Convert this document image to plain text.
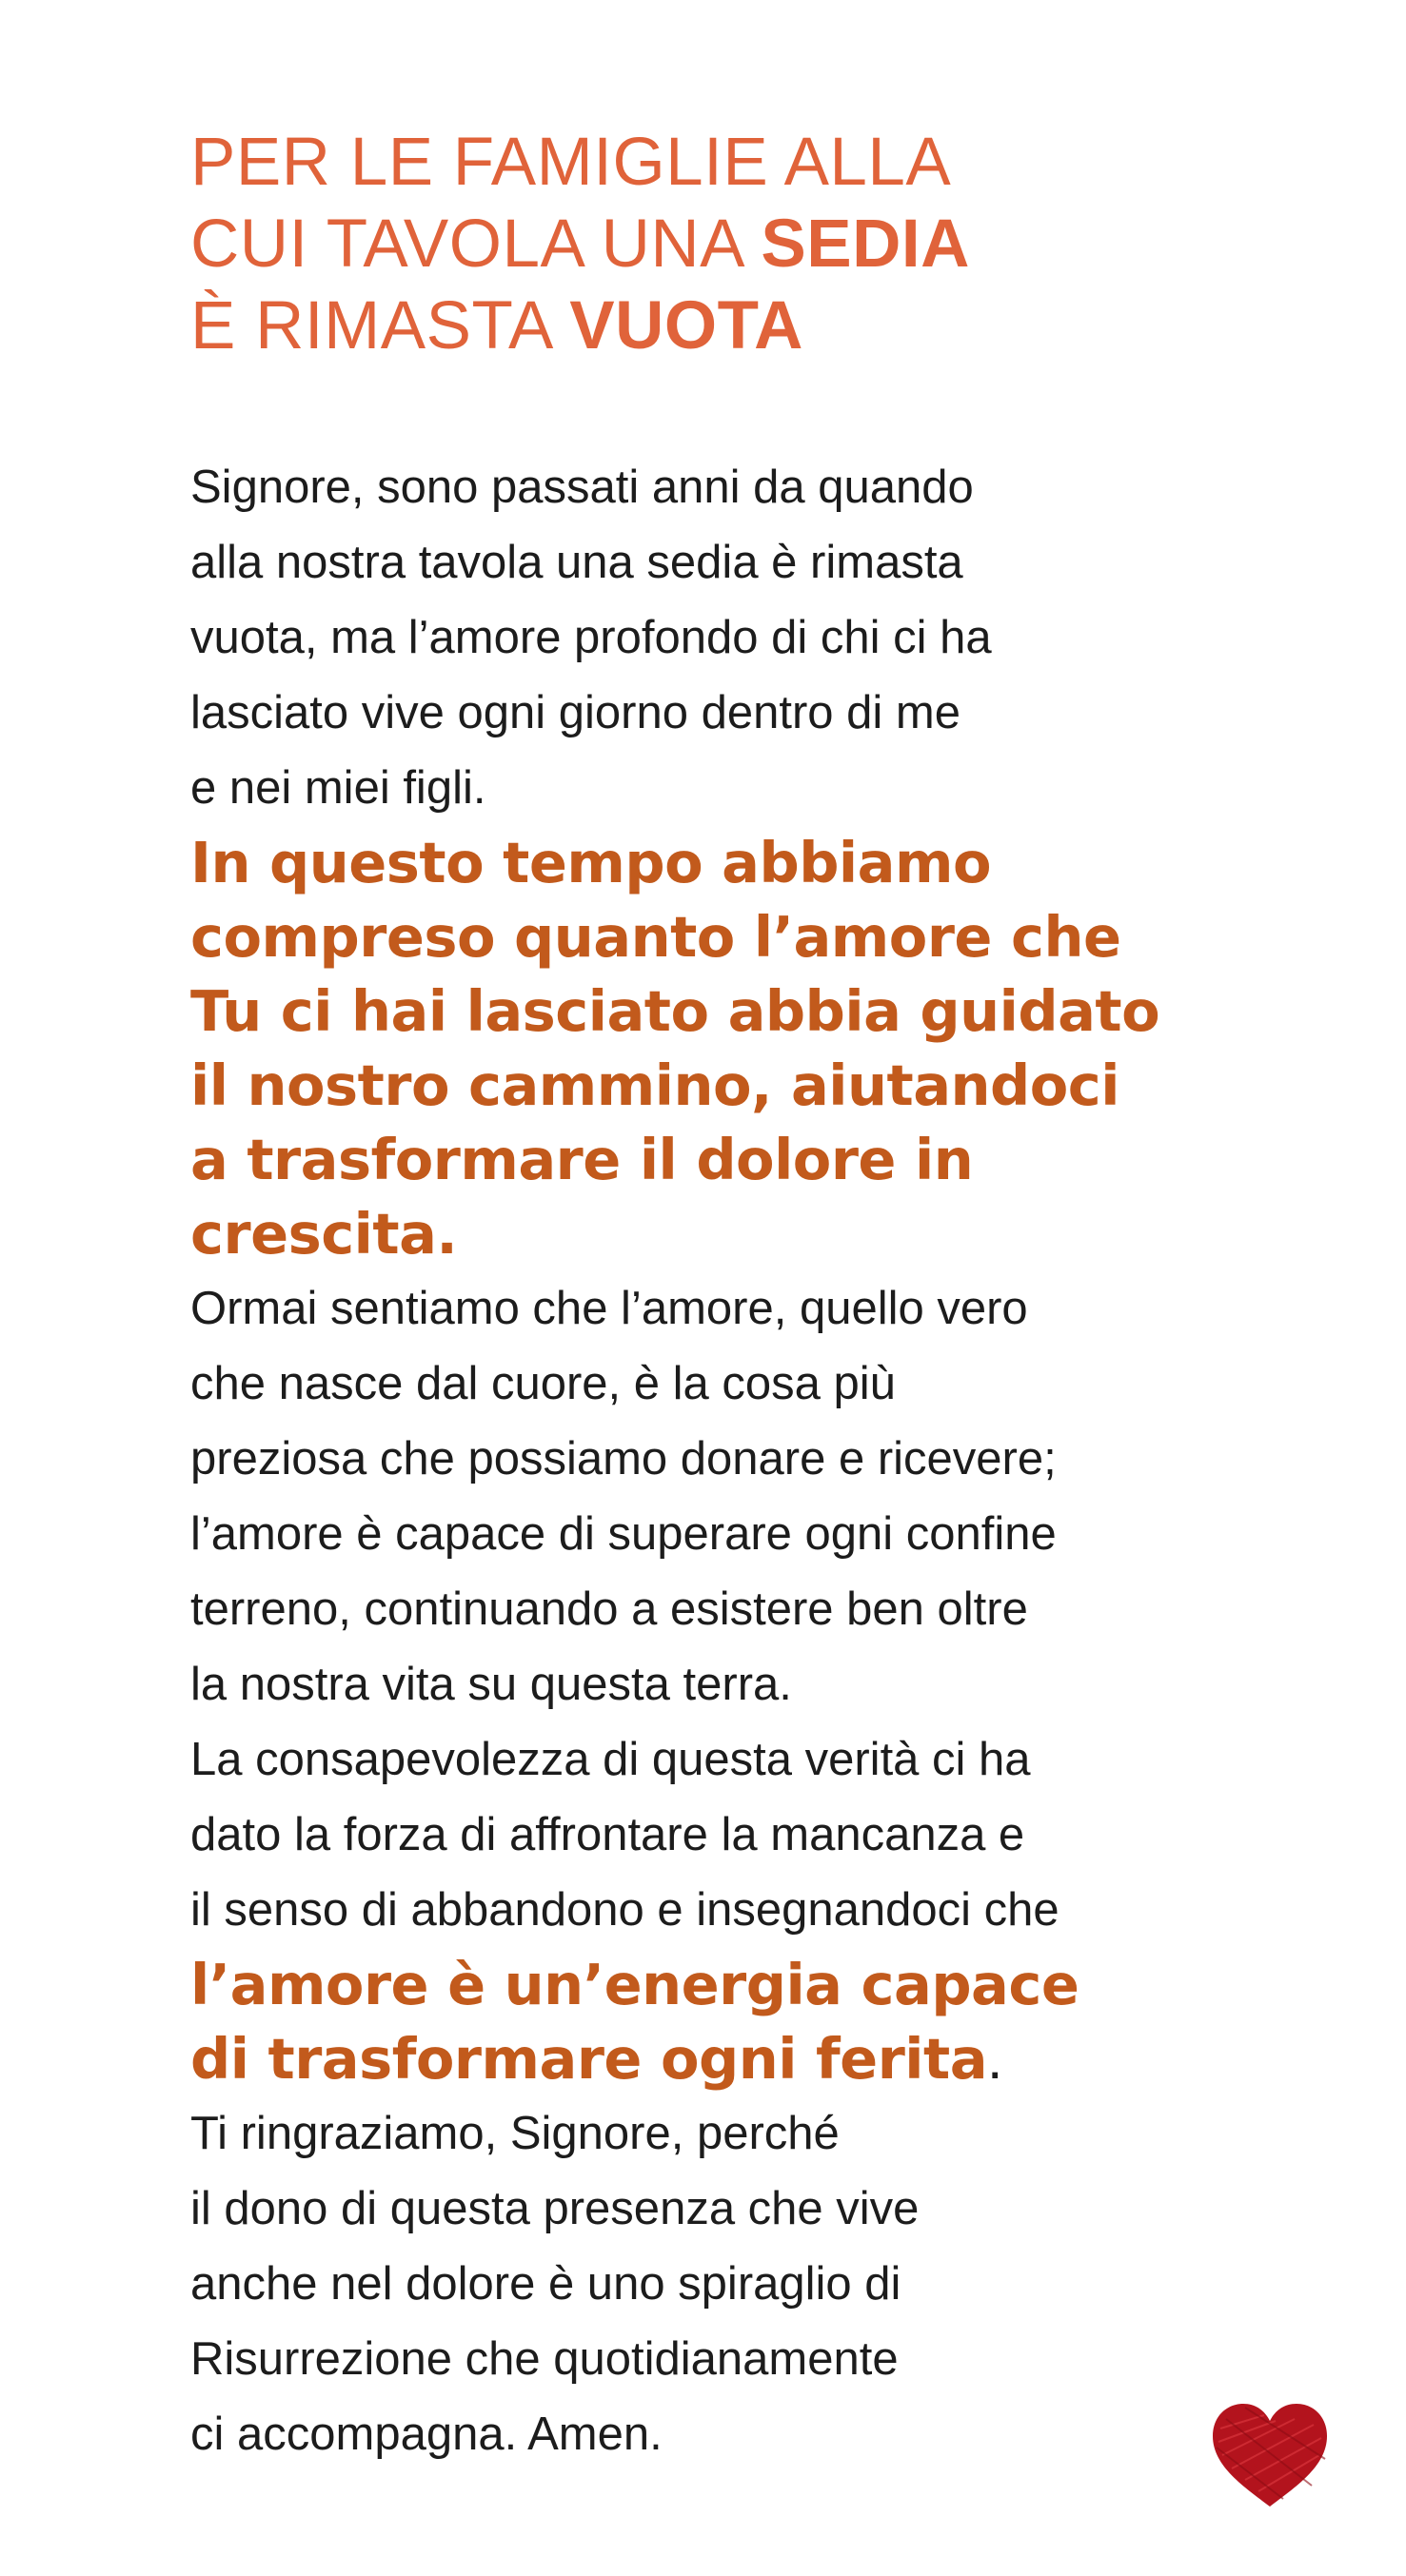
PER LE FAMIGLIE ALLA
CUI TAVOLA UNA SEDIA
È RIMASTA VUOTA

Signore, sono passati anni da quando
alla nostra tavola una sedia è rimasta
vuota, ma l’amore profondo di chi ci ha
lasciato vive ogni giorno dentro di me
e nei miei figli.

In questo tempo abbiamo
compreso quanto l’amore che
Tu ci hai lasciato abbia guidato
il nostro cammino, aiutandoci
a trasformare il dolore in
crescita.

Ormai sentiamo che l’amore, quello vero
che nasce dal cuore, è la cosa più
preziosa che possiamo donare e ricevere;
l’amore è capace di superare ogni confine
terreno, continuando a esistere ben oltre
la nostra vita su questa terra.
La consapevolezza di questa verità ci ha
dato la forza di affrontare la mancanza e
il senso di abbandono e insegnandoci che

l’amore è un’energia capace
di trasformare ogni ferita.

Ti ringraziamo, Signore, perché
il dono di questa presenza che vive
anche nel dolore è uno spiraglio di
Risurrezione che quotidianamente
ci accompagna. Amen.
